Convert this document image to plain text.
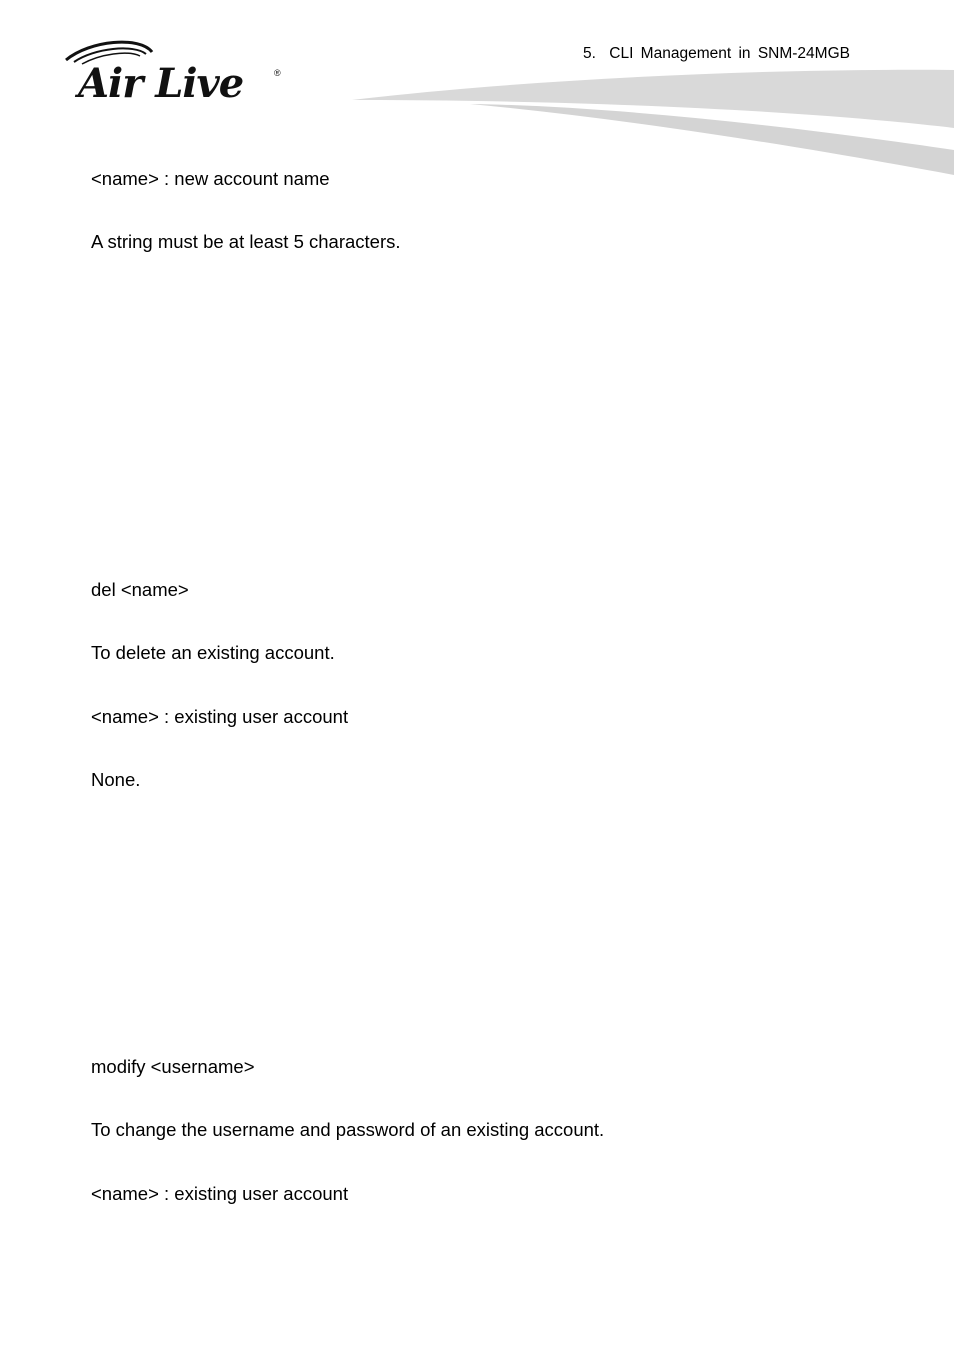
Air Live	®
5. CLI Management in SNM-24MGB
<name> : new account name
A string must be at least 5 characters.
del <name>
To delete an existing account.
<name> : existing user account
None.
modify <username>
To change the username and password of an existing account.
<name> : existing user account
